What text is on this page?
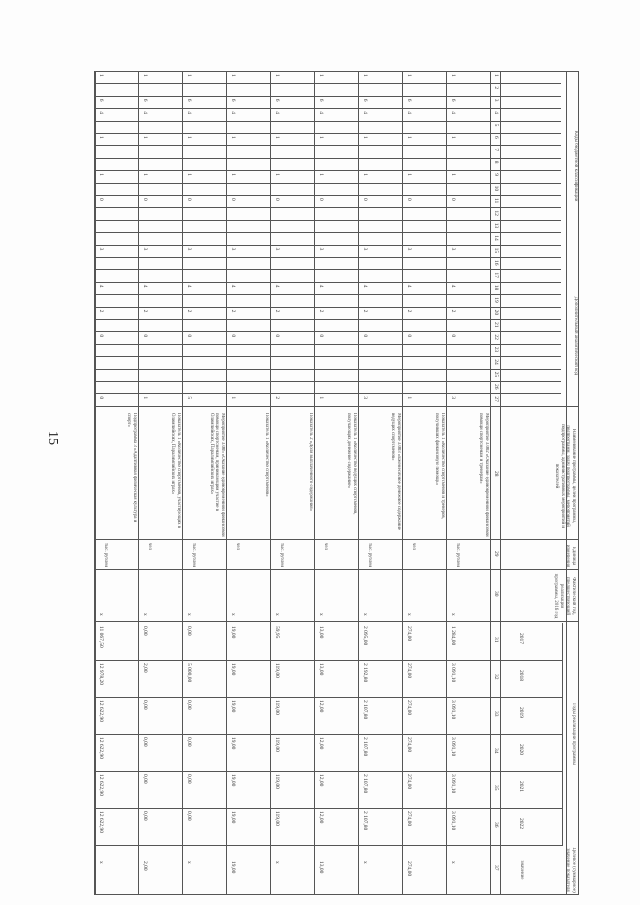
15
Коды бюджетной классификации
Дополнительный аналитический код
Наименование программы, целей программы, подпрограмм, задач подпрограммы, мероприятий подпрограммы, административных мероприятий и показателей
Единица измерения
Фактический год, предшествующий реализации программы, 2016 год
Годы реализации программы
Целевое (суммарное) значение показателя
значение
2017
2018
2019
2020
2021
2022
1
2
3
4
5
6
7
8
9
10
11
12
13
14
15
16
17
18
19
20
21
22
23
24
25
26
27
28
29
30
31
32
33
34
35
36
37
1
6
4
1
1
0
3
4
2
0
3
Мероприятие 3.002 «Оказание единовременной финансовой помощи спортсменам и тренерам»
тыс. рублей
х
1 284,00
3 091,10
3 091,10
3 091,10
3 091,10
3 091,10
х
1
6
4
1
1
0
3
4
2
0
1
Показатель 1 «Количество спортсменов и тренеров, получивших финансовую помощь»
чел
х
274,00
274,00
274,00
274,00
274,00
274,00
274,00
1
6
4
1
1
0
3
4
2
0
3
Мероприятие 3.003 «Ежемесячное денежное содержание ведущих спортсменов»
тыс. рублей
х
2 095,00
2 192,80
2 107,80
2 107,80
2 107,80
2 107,80
х
1
6
4
1
1
0
3
4
2
0
1
Показатель 1 «Количество ведущих спортсменов, получающих денежное содержание»
чел
х
13,00
13,00
12,00
12,00
12,00
12,00
13,00
1
6
4
1
1
0
3
4
2
0
2
Показатель 2 «Доля выплаченного содержания»
тыс. рублей
х
59,95
119,00
119,00
119,00
119,00
119,00
х
1
6
4
1
1
0
3
4
2
0
1
Показатель 1 «Количество спортсменов»
чел
х
19,00
19,00
19,00
19,00
19,00
19,00
19,00
1
6
4
1
1
0
3
4
2
0
5
Мероприятие 3.005 «Оказание единовременной финансовой помощи спортсменам, принимающим участие в Олимпийских, Паралимпийских играх»
тыс. рублей
х
0,00
5 000,00
0,00
0,00
0,00
0,00
х
1
6
4
1
1
0
3
4
2
0
1
Показатель 1 «Количество спортсменов, участвующих в Олимпийских, Паралимпийских играх»
чел
х
0,00
2,00
0,00
0,00
0,00
0,00
2,00
1
6
4
1
1
0
3
4
2
0
0
Подпрограмма 3 «Адаптивная физическая культура и спорт»
тыс. рублей
х
11 067,50
12 978,20
12 622,90
12 622,90
12 622,90
12 622,90
х
